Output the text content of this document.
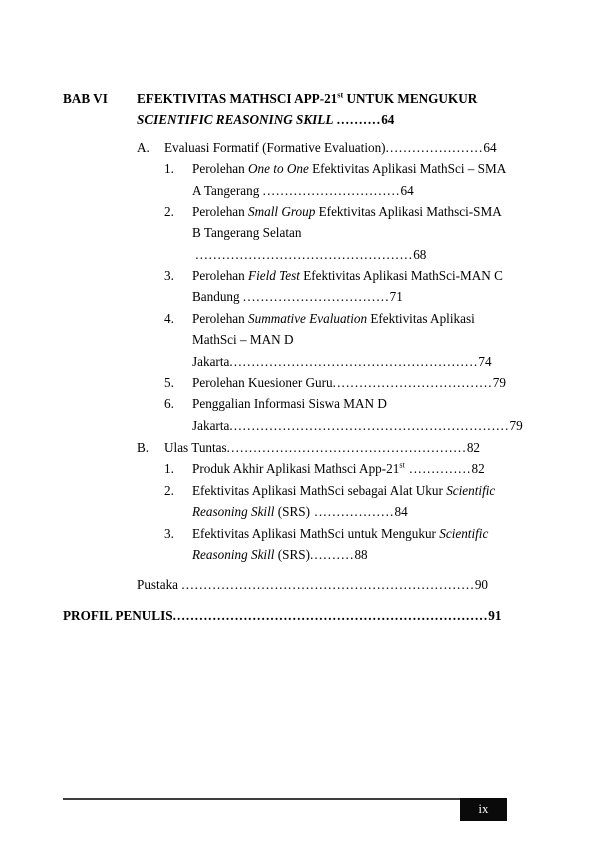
BAB VI	EFEKTIVITAS MATHSCI APP-21st UNTUK MENGUKUR SCIENTIFIC REASONING SKILL ..........64
A.	Evaluasi Formatif (Formative Evaluation)......................64
1.	Perolehan One to One Efektivitas Aplikasi MathSci – SMA A Tangerang ...............................64
2.	Perolehan Small Group Efektivitas Aplikasi Mathsci-SMA B Tangerang Selatan .................................................68
3.	Perolehan Field Test Efektivitas Aplikasi MathSci-MAN C Bandung .................................71
4.	Perolehan Summative Evaluation Efektivitas Aplikasi MathSci – MAN D Jakarta........................................................74
5.	Perolehan Kuesioner Guru....................................79
6.	Penggalian Informasi Siswa MAN D Jakarta...............................................................79
B.	Ulas Tuntas......................................................82
1.	Produk Akhir Aplikasi Mathsci App-21st ..............82
2.	Efektivitas Aplikasi MathSci sebagai Alat Ukur Scientific Reasoning Skill (SRS) ..................84
3.	Efektivitas Aplikasi MathSci untuk Mengukur Scientific Reasoning Skill (SRS)..........88
Pustaka ..................................................................90
PROFIL PENULIS.......................................................................91
ix
